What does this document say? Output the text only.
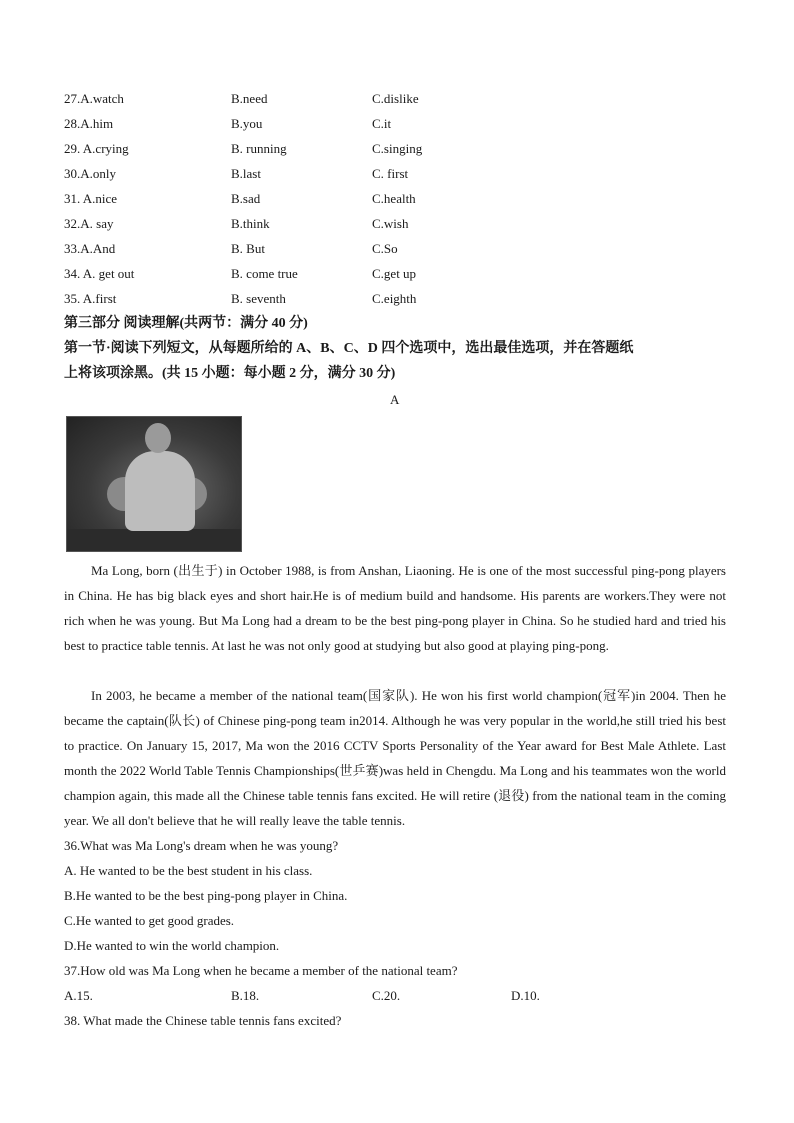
27.A.watch	B.need	C.dislike
28.A.him	B.you	C.it
29. A.crying	B. running	C.singing
30.A.only	B.last	C. first
31. A.nice	B.sad	C.health
32.A. say	B.think	C.wish
33.A.And	B. But	C.So
34. A. get out	B. come true	C.get up
35. A.first	B. seventh	C.eighth
第三部分 阅读理解(共两节：满分 40 分)
第一节·阅读下列短文，从每题所给的 A、B、C、D 四个选项中，选出最佳选项，并在答题纸
上将该项涂黑。(共 15 小题：每小题 2 分，满分 30 分)
A

Ma Long, born (出生于) in October 1988, is from Anshan, Liaoning. He is one of the most successful ping-pong players in China. He has big black eyes and short hair.He is of medium build and handsome. His parents are workers.They were not rich when he was young. But Ma Long had a dream to be the best ping-pong player in China. So he studied hard and tried his best to practice table tennis. At last he was not only good at studying but also good at playing ping-pong.

In 2003, he became a member of the national team(国家队). He won his first world champion(冠军)in 2004. Then he became the captain(队长) of Chinese ping-pong team in2014. Although he was very popular in the world,he still tried his best to practice. On January 15, 2017, Ma won the 2016 CCTV Sports Personality of the Year award for Best Male Athlete. Last month the 2022 World Table Tennis Championships(世乒赛)was held in Chengdu. Ma Long and his teammates won the world champion again, this made all the Chinese table tennis fans excited. He will retire (退役) from the national team in the coming year. We all don't believe that he will really leave the table tennis.

36.What was Ma Long's dream when he was young?
A. He wanted to be the best student in his class.
B.He wanted to be the best ping-pong player in China.
C.He wanted to get good grades.
D.He wanted to win the world champion.
37.How old was Ma Long when he became a member of the national team?
A.15.	B.18.	C.20.	D.10.
38. What made the Chinese table tennis fans excited?
